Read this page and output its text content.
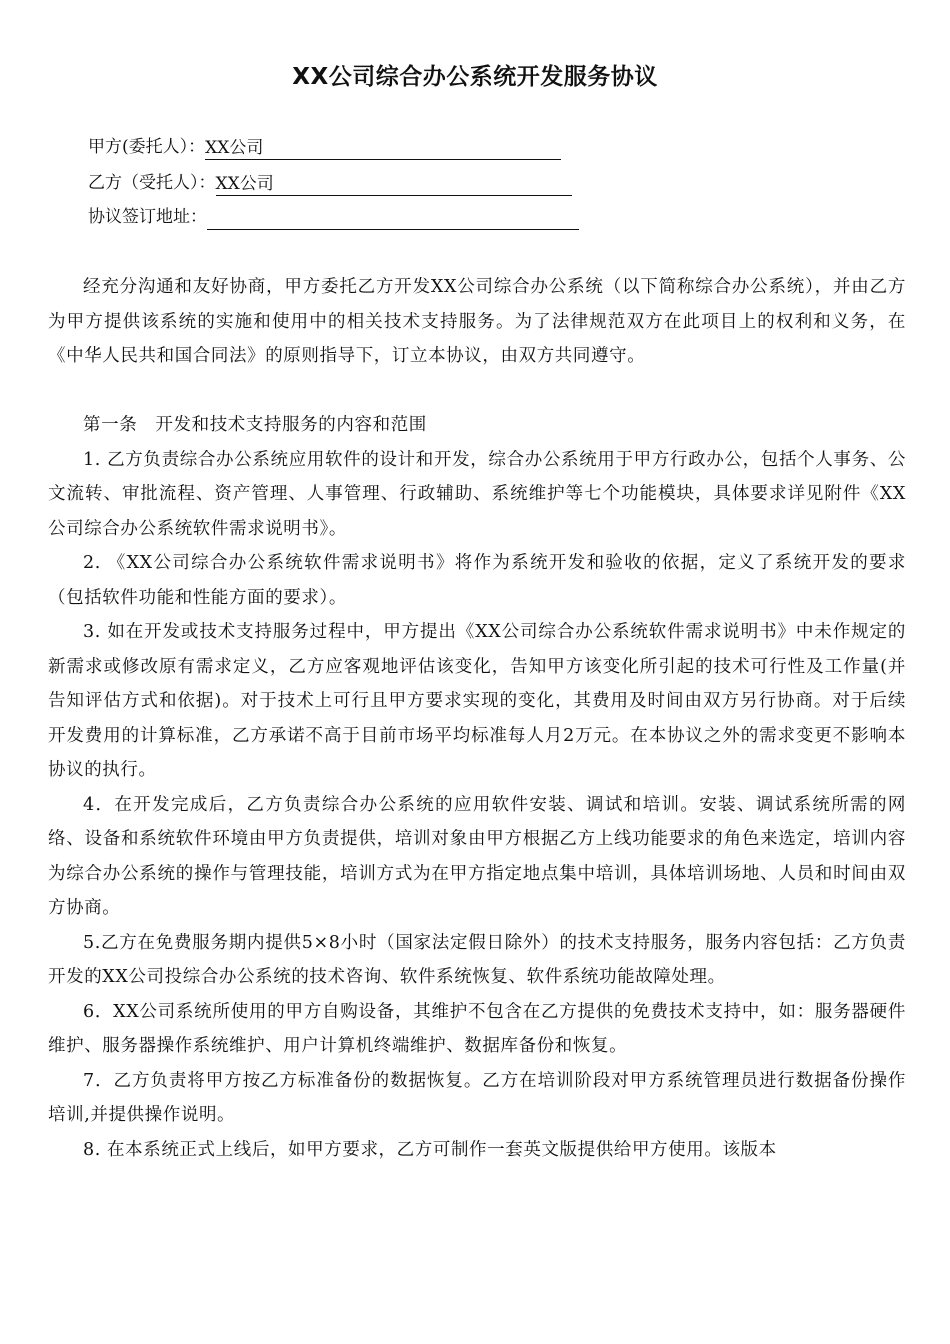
XX公司综合办公系统开发服务协议
甲方(委托人）：XX公司
乙方（受托人）：XX公司
协议签订地址：

经充分沟通和友好协商，甲方委托乙方开发XX公司综合办公系统（以下简称综合办公系统），并由乙方为甲方提供该系统的实施和使用中的相关技术支持服务。为了法律规范双方在此项目上的权利和义务，在《中华人民共和国合同法》的原则指导下，订立本协议，由双方共同遵守。

第一条　开发和技术支持服务的内容和范围

1. 乙方负责综合办公系统应用软件的设计和开发，综合办公系统用于甲方行政办公，包括个人事务、公文流转、审批流程、资产管理、人事管理、行政辅助、系统维护等七个功能模块，具体要求详见附件《XX公司综合办公系统软件需求说明书》。

2. 《XX公司综合办公系统软件需求说明书》将作为系统开发和验收的依据，定义了系统开发的要求（包括软件功能和性能方面的要求）。

3. 如在开发或技术支持服务过程中，甲方提出《XX公司综合办公系统软件需求说明书》中未作规定的新需求或修改原有需求定义，乙方应客观地评估该变化，告知甲方该变化所引起的技术可行性及工作量(并告知评估方式和依据)。对于技术上可行且甲方要求实现的变化，其费用及时间由双方另行协商。对于后续开发费用的计算标准，乙方承诺不高于目前市场平均标准每人月2万元。在本协议之外的需求变更不影响本协议的执行。

4．在开发完成后，乙方负责综合办公系统的应用软件安装、调试和培训。安装、调试系统所需的网络、设备和系统软件环境由甲方负责提供，培训对象由甲方根据乙方上线功能要求的角色来选定，培训内容为综合办公系统的操作与管理技能，培训方式为在甲方指定地点集中培训，具体培训场地、人员和时间由双方协商。

5.乙方在免费服务期内提供5×8小时（国家法定假日除外）的技术支持服务，服务内容包括：乙方负责开发的XX公司投综合办公系统的技术咨询、软件系统恢复、软件系统功能故障处理。

6．XX公司系统所使用的甲方自购设备，其维护不包含在乙方提供的免费技术支持中，如：服务器硬件维护、服务器操作系统维护、用户计算机终端维护、数据库备份和恢复。

7．乙方负责将甲方按乙方标准备份的数据恢复。乙方在培训阶段对甲方系统管理员进行数据备份操作培训,并提供操作说明。

8. 在本系统正式上线后，如甲方要求，乙方可制作一套英文版提供给甲方使用。该版本
